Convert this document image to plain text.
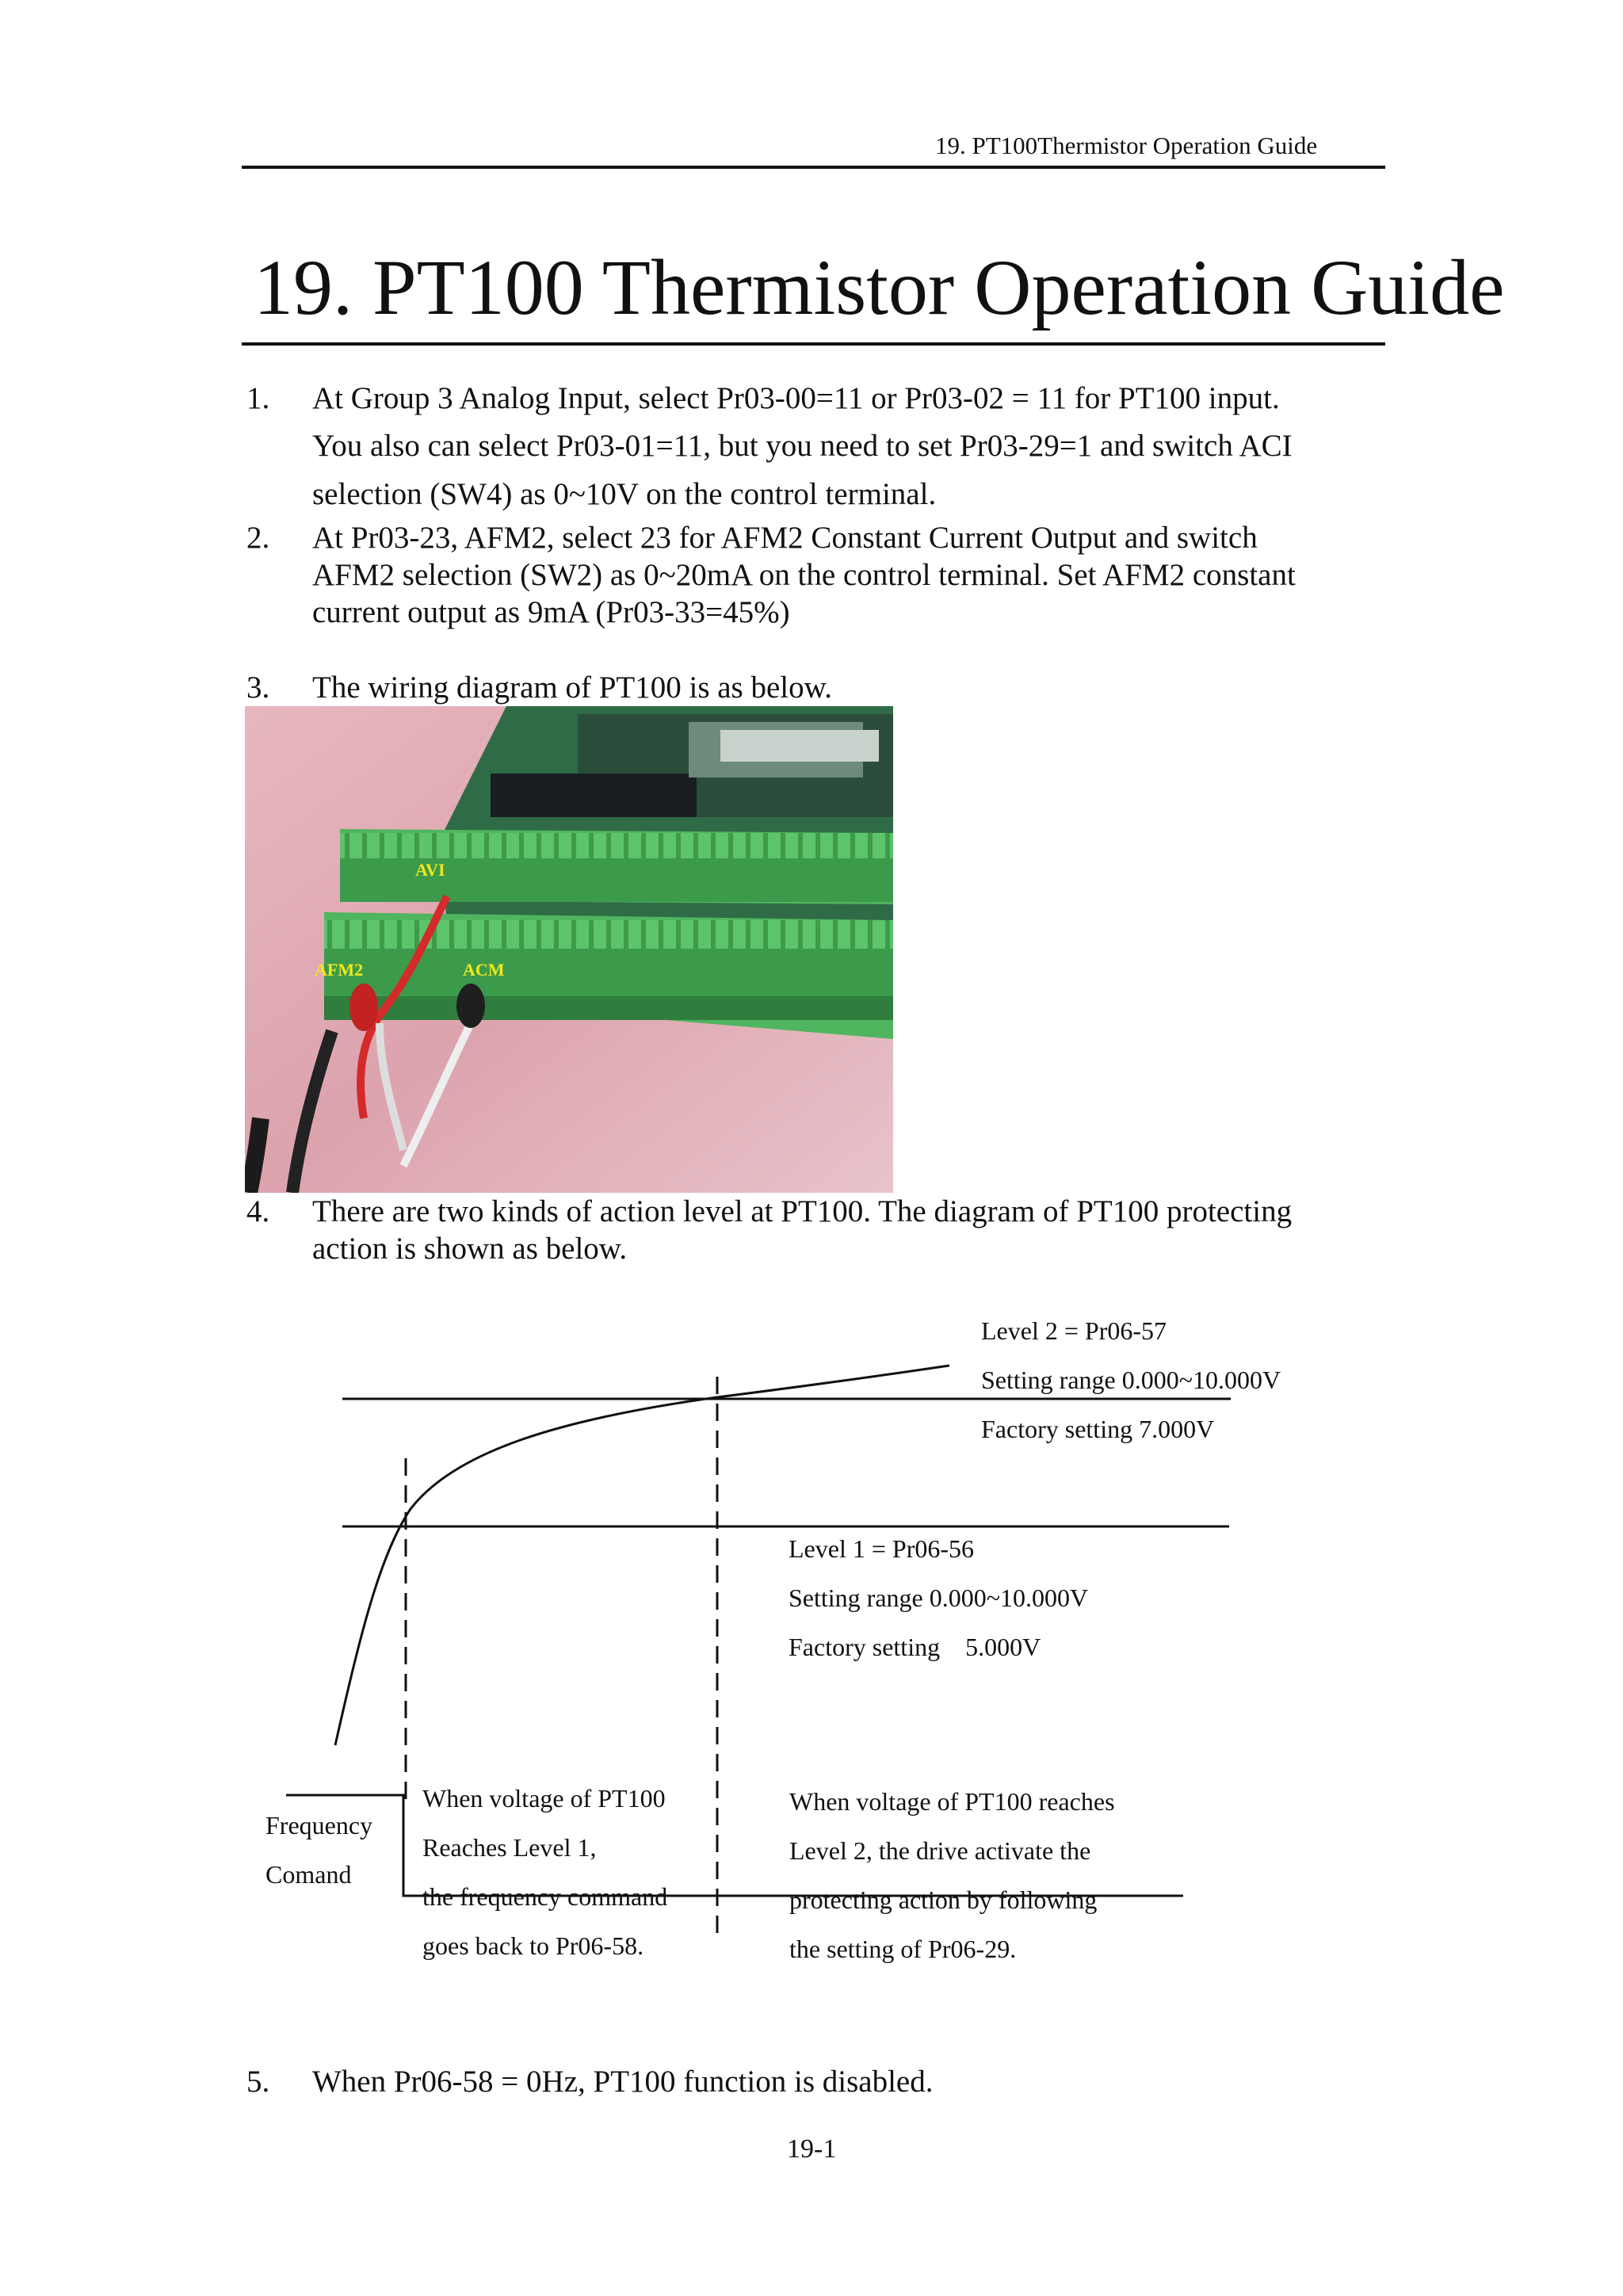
19. PT100Thermistor Operation Guide
19. PT100 Thermistor Operation Guide
1. At Group 3 Analog Input, select Pr03-00=11 or Pr03-02 = 11 for PT100 input.
You also can select Pr03-01=11, but you need to set Pr03-29=1 and switch ACI
selection (SW4) as 0~10V on the control terminal.
2. At Pr03-23, AFM2, select 23 for AFM2 Constant Current Output and switch
AFM2 selection (SW2) as 0~20mA on the control terminal. Set AFM2 constant
current output as 9mA (Pr03-33=45%)
3. The wiring diagram of PT100 is as below.
AVI
AFM2	ACM
4. There are two kinds of action level at PT100. The diagram of PT100 protecting
action is shown as below.
Level 2 = Pr06-57
Setting range 0.000~10.000V
Factory setting 7.000V
Level 1 = Pr06-56
Setting range 0.000~10.000V
Factory setting    5.000V
Frequency
Comand
When voltage of PT100
Reaches Level 1,
the frequency command
goes back to Pr06-58.
When voltage of PT100 reaches
Level 2, the drive activate the
protecting action by following
the setting of Pr06-29.
5. When Pr06-58 = 0Hz, PT100 function is disabled.
19-1
